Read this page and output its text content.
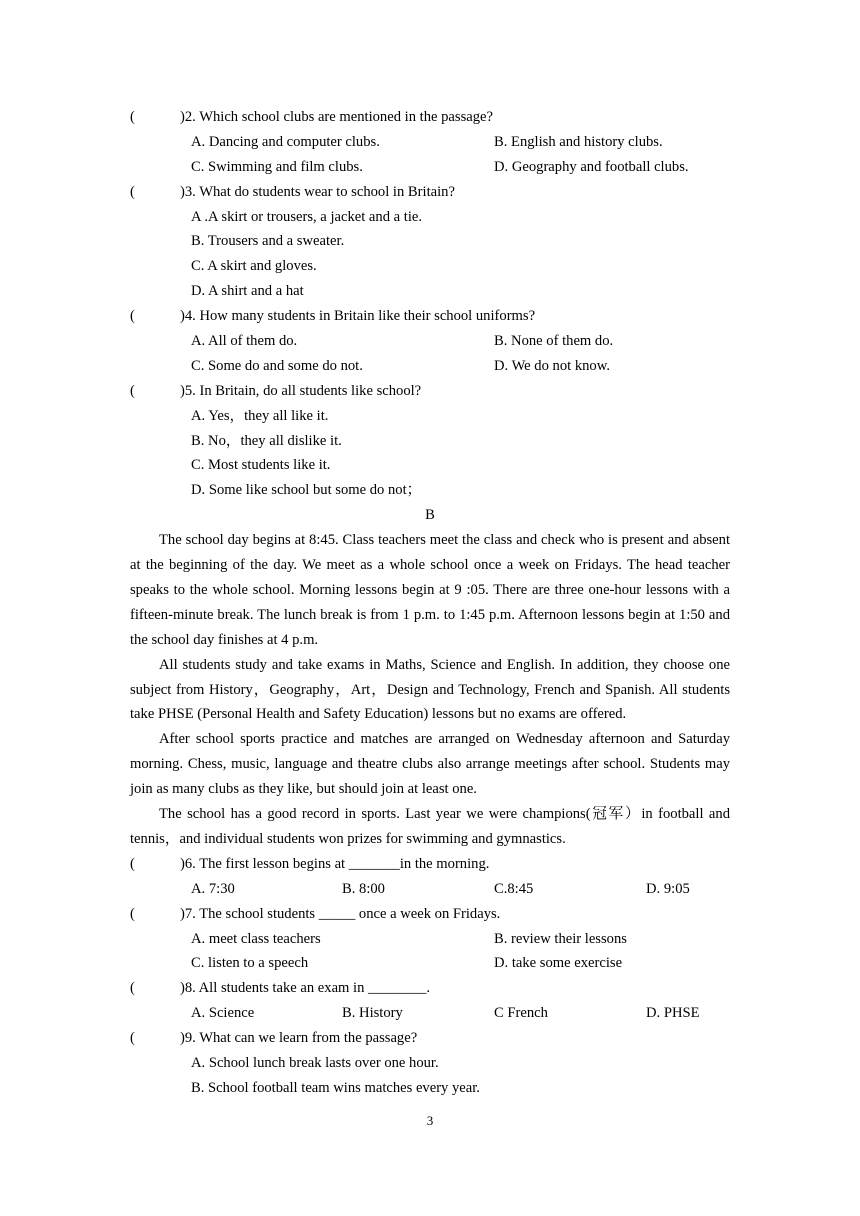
(	)2. Which school clubs are mentioned in the passage?
A. Dancing and computer clubs.	B. English and history clubs.
C. Swimming and film clubs.	D. Geography and football clubs.
(	)3. What do students wear to school in Britain?
A .A skirt or trousers, a jacket and a tie.
B. Trousers and a sweater.
C. A skirt and gloves.
D. A shirt and a hat
(	)4. How many students in Britain like their school uniforms?
A. All of them do.	B. None of them do.
C. Some do and some do not.	D. We do not know.
(	)5. In Britain, do all students like school?
A. Yes，they all like it.
B. No，they all dislike it.
C. Most students like it.
D. Some like school but some do not；
B

The school day begins at 8:45. Class teachers meet the class and check who is present and absent at the beginning of the day. We meet as a whole school once a week on Fridays. The head teacher speaks to the whole school. Morning lessons begin at 9 :05. There are three one-hour lessons with a fifteen-minute break. The lunch break is from 1 p.m. to 1:45 p.m. Afternoon lessons begin at 1:50 and the school day finishes at 4 p.m.

All students study and take exams in Maths, Science and English. In addition, they choose one subject from History，Geography，Art，Design and Technology, French and Spanish. All students take PHSE (Personal Health and Safety Education) lessons but no exams are offered.

After school sports practice and matches are arranged on Wednesday afternoon and Saturday morning. Chess, music, language and theatre clubs also arrange meetings after school. Students may join as many clubs as they like, but should join at least one.

The school has a good record in sports. Last year we were champions(冠军）in football and tennis，and individual students won prizes for swimming and gymnastics.

(	)6. The first lesson begins at _______in the morning.
A. 7:30	B. 8:00	C.8:45	D. 9:05
(	)7. The school students _____ once a week on Fridays.
A. meet class teachers	B. review their lessons
C. listen to a speech	D. take some exercise
(	)8. All students take an exam in ________.
A. Science	B. History	C French	D. PHSE
(	)9. What can we learn from the passage?
A. School lunch break lasts over one hour.
B. School football team wins matches every year.
3
